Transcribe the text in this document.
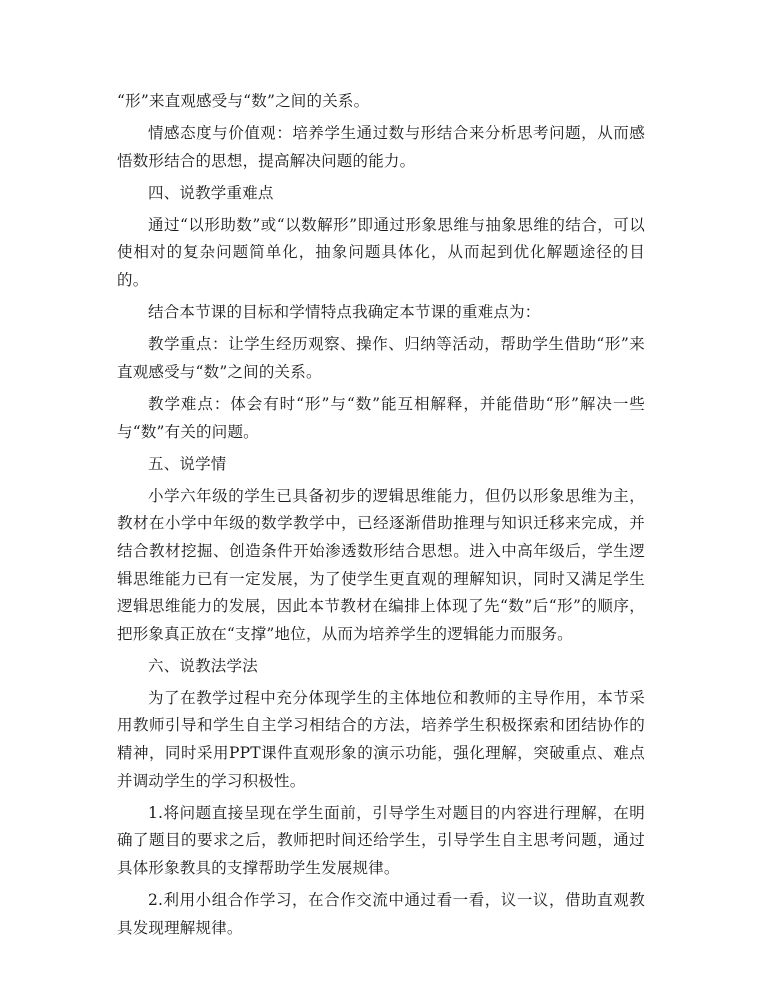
“形”来直观感受与“数”之间的关系。

情感态度与价值观：培养学生通过数与形结合来分析思考问题，从而感悟数形结合的思想，提高解决问题的能力。

四、说教学重难点

通过“以形助数”或“以数解形”即通过形象思维与抽象思维的结合，可以使相对的复杂问题简单化，抽象问题具体化，从而起到优化解题途径的目的。

结合本节课的目标和学情特点我确定本节课的重难点为：

教学重点：让学生经历观察、操作、归纳等活动，帮助学生借助“形”来直观感受与“数”之间的关系。

教学难点：体会有时“形”与“数”能互相解释，并能借助“形”解决一些与“数”有关的问题。

五、说学情

小学六年级的学生已具备初步的逻辑思维能力，但仍以形象思维为主，教材在小学中年级的数学教学中，已经逐渐借助推理与知识迁移来完成，并结合教材挖掘、创造条件开始渗透数形结合思想。进入中高年级后，学生逻辑思维能力已有一定发展，为了使学生更直观的理解知识，同时又满足学生逻辑思维能力的发展，因此本节教材在编排上体现了先“数”后“形”的顺序，把形象真正放在“支撑”地位，从而为培养学生的逻辑能力而服务。

六、说教法学法

为了在教学过程中充分体现学生的主体地位和教师的主导作用，本节采用教师引导和学生自主学习相结合的方法，培养学生积极探索和团结协作的精神，同时采用PPT课件直观形象的演示功能，强化理解，突破重点、难点并调动学生的学习积极性。

1.将问题直接呈现在学生面前，引导学生对题目的内容进行理解，在明确了题目的要求之后，教师把时间还给学生，引导学生自主思考问题，通过具体形象教具的支撑帮助学生发展规律。

2.利用小组合作学习，在合作交流中通过看一看，议一议，借助直观教具发现理解规律。
